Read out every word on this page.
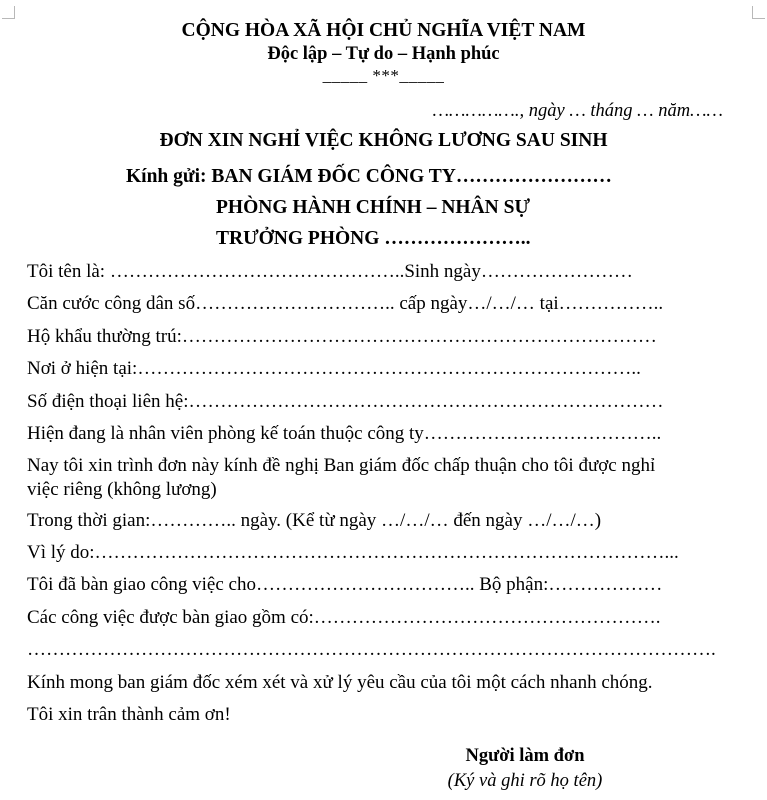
CỘNG HÒA XÃ HỘI CHỦ NGHĨA VIỆT NAM
Độc lập – Tự do – Hạnh phúc
_____ ***_____
……………., ngày … tháng … năm……
ĐƠN XIN NGHỈ VIỆC KHÔNG LƯƠNG SAU SINH
Kính gửi: BAN GIÁM ĐỐC CÔNG TY……………………
PHÒNG HÀNH CHÍNH – NHÂN SỰ
TRƯỞNG PHÒNG …………………..
Tôi tên là: ………………………………………..Sinh ngày……………………
Căn cước công dân số………………………….. cấp ngày…/…/… tại……………..
Hộ khẩu thường trú:…………………………………………………………………
Nơi ở hiện tại:……………………………………………………………………..
Số điện thoại liên hệ:…………………………………………………………………
Hiện đang là nhân viên phòng kế toán thuộc công ty………………………………..
Nay tôi xin trình đơn này kính đề nghị Ban giám đốc chấp thuận cho tôi được nghỉ
việc riêng (không lương)
Trong thời gian:………….. ngày. (Kể từ ngày …/…/… đến ngày …/…/…)
Vì lý do:………………………………………………………………………………...
Tôi đã bàn giao công việc cho…………………………….. Bộ phận:………………
Các công việc được bàn giao gồm có:……………………………………………….
……………………………………………………………………………………………….
Kính mong ban giám đốc xém xét và xử lý yêu cầu của tôi một cách nhanh chóng.
Tôi xin trân thành cảm ơn!
Người làm đơn
(Ký và ghi rõ họ tên)
